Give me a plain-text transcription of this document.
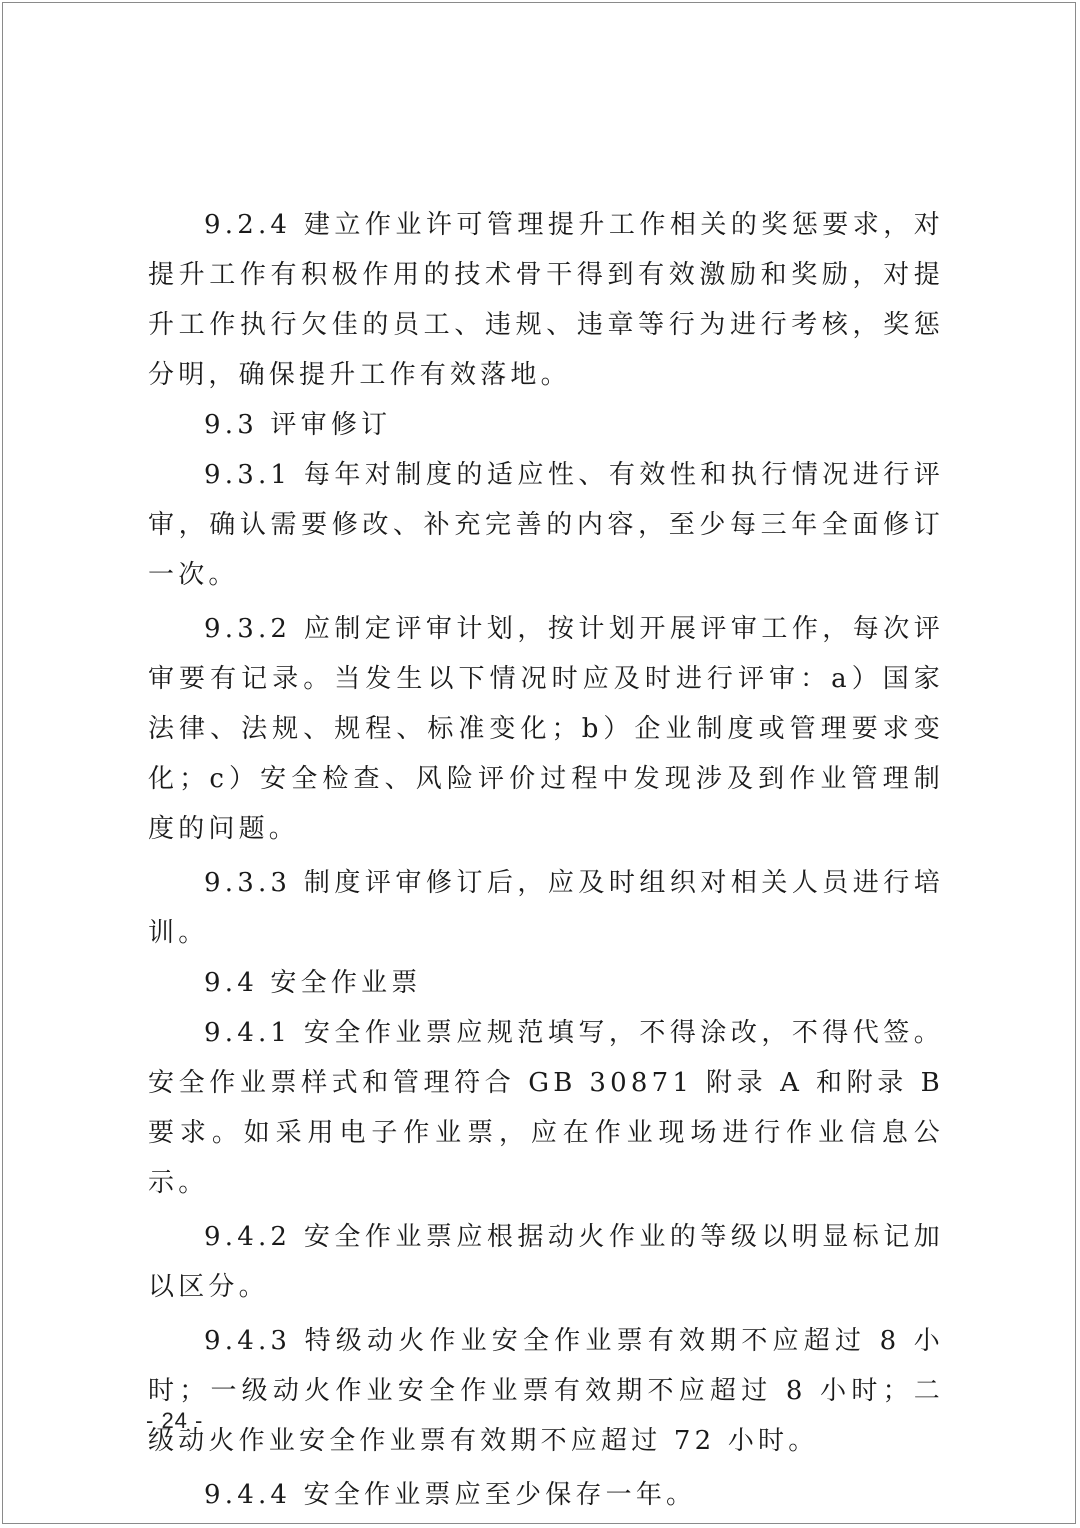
9.2.4 建立作业许可管理提升工作相关的奖惩要求，对提升工作有积极作用的技术骨干得到有效激励和奖励，对提升工作执行欠佳的员工、违规、违章等行为进行考核，奖惩分明，确保提升工作有效落地。

9.3 评审修订

9.3.1 每年对制度的适应性、有效性和执行情况进行评审，确认需要修改、补充完善的内容，至少每三年全面修订一次。

9.3.2 应制定评审计划，按计划开展评审工作，每次评审要有记录。当发生以下情况时应及时进行评审：a）国家法律、法规、规程、标准变化；b）企业制度或管理要求变化；c）安全检查、风险评价过程中发现涉及到作业管理制度的问题。

9.3.3 制度评审修订后，应及时组织对相关人员进行培训。

9.4 安全作业票

9.4.1 安全作业票应规范填写，不得涂改，不得代签。安全作业票样式和管理符合 GB 30871 附录 A 和附录 B 要求。如采用电子作业票，应在作业现场进行作业信息公示。

9.4.2 安全作业票应根据动火作业的等级以明显标记加以区分。

9.4.3 特级动火作业安全作业票有效期不应超过 8 小时；一级动火作业安全作业票有效期不应超过 8 小时；二级动火作业安全作业票有效期不应超过 72 小时。

9.4.4 安全作业票应至少保存一年。

- 24 -
